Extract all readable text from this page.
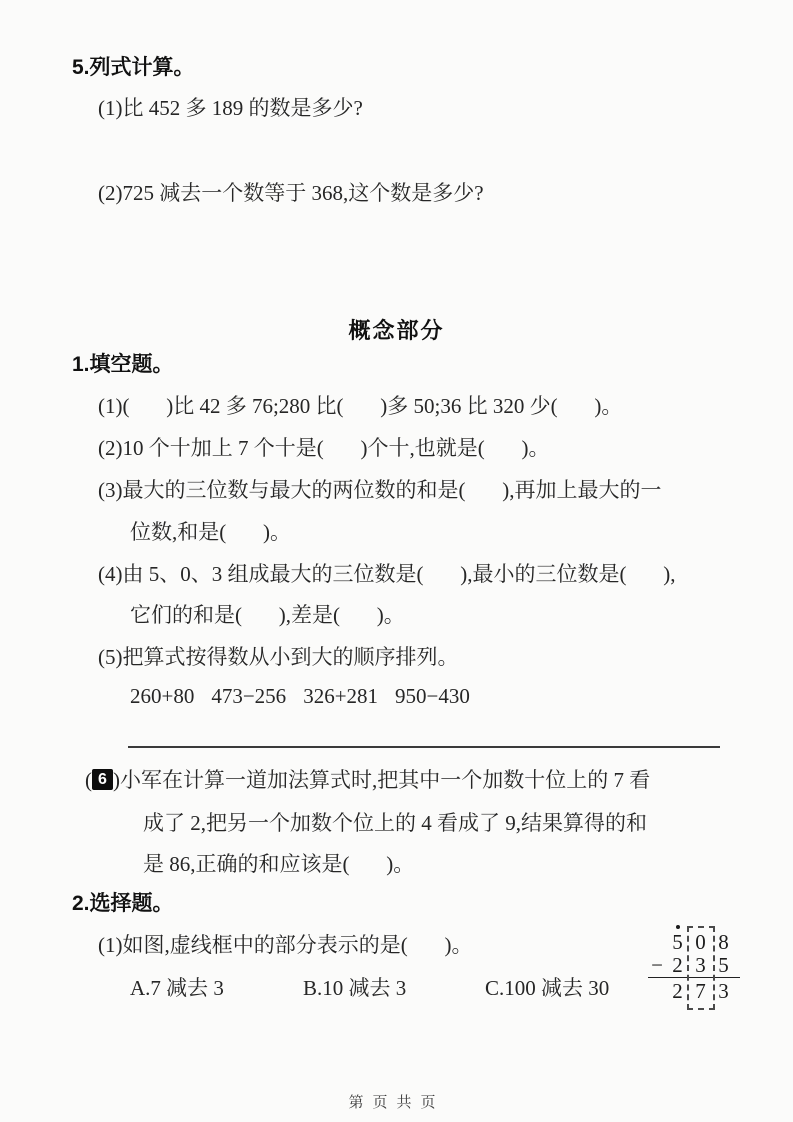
5.列式计算。
(1)比 452 多 189 的数是多少?
(2)725 减去一个数等于 368,这个数是多少?
概念部分
1.填空题。
(1)(       )比 42 多 76;280 比(       )多 50;36 比 320 少(       )。
(2)10 个十加上 7 个十是(       )个十,也就是(       )。
(3)最大的三位数与最大的两位数的和是(       ),再加上最大的一
位数,和是(       )。
(4)由 5、0、3 组成最大的三位数是(       ),最小的三位数是(       ),
它们的和是(       ),差是(       )。
(5)把算式按得数从小到大的顺序排列。
260+80 473−256 326+281 950−430
( 6 ) 小军在计算一道加法算式时,把其中一个加数十位上的 7 看
成了 2,把另一个加数个位上的 4 看成了 9,结果算得的和
是 86,正确的和应该是(       )。
2.选择题。
(1)如图,虚线框中的部分表示的是(       )。
A.7 减去 3	B.10 减去 3	C.100 减去 30
5 0 8
− 2 3 5
2 7 3
第页共页
